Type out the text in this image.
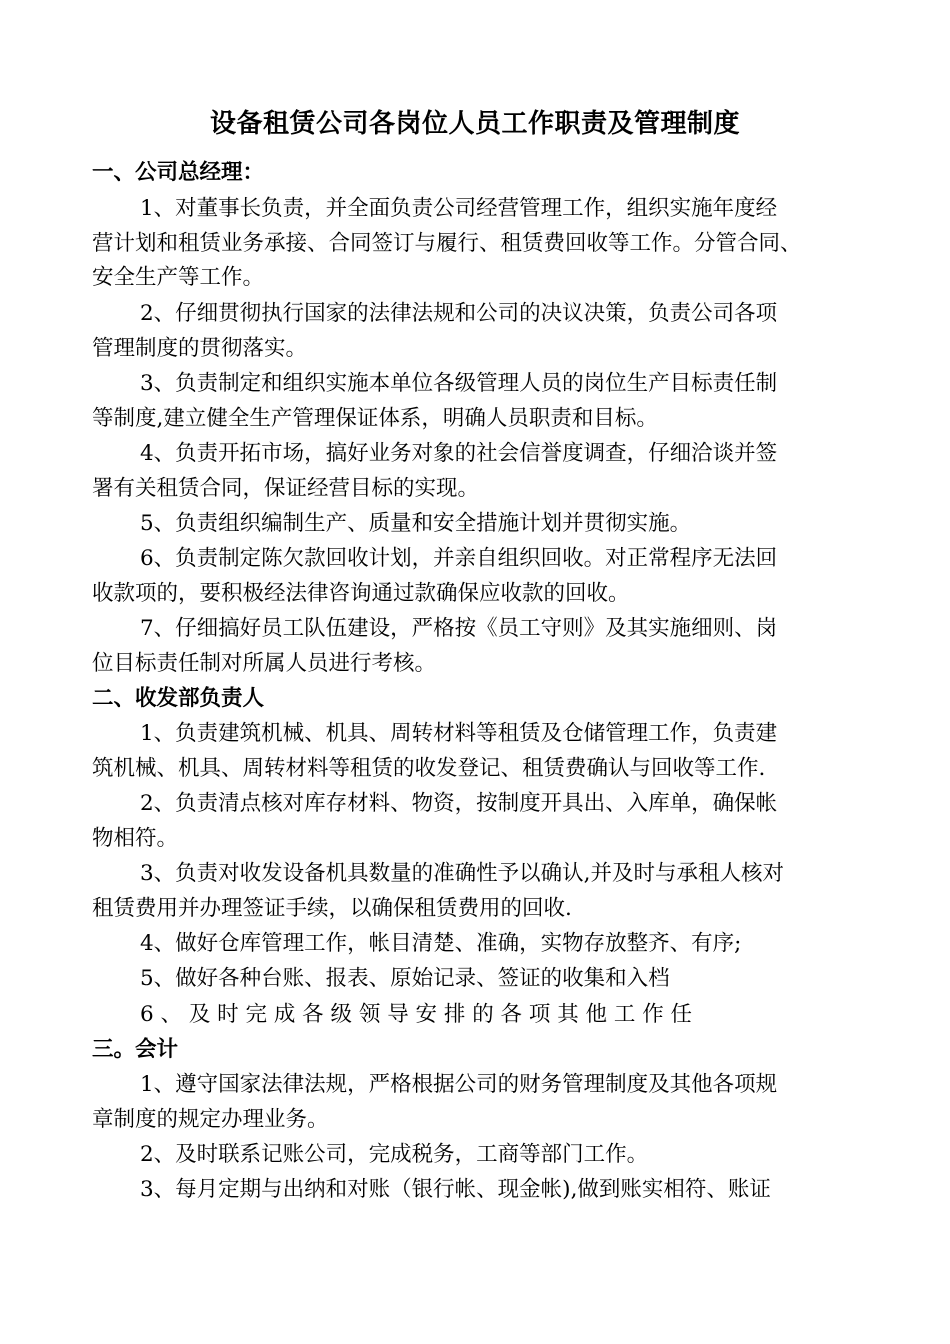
设备租赁公司各岗位人员工作职责及管理制度
一、公司总经理：
1、对董事长负责，并全面负责公司经营管理工作，组织实施年度经
营计划和租赁业务承接、合同签订与履行、租赁费回收等工作。分管合同、
安全生产等工作。
2、仔细贯彻执行国家的法律法规和公司的决议决策，负责公司各项
管理制度的贯彻落实。
3、负责制定和组织实施本单位各级管理人员的岗位生产目标责任制
等制度,建立健全生产管理保证体系，明确人员职责和目标。
4、负责开拓市场，搞好业务对象的社会信誉度调查，仔细洽谈并签
署有关租赁合同，保证经营目标的实现。
5、负责组织编制生产、质量和安全措施计划并贯彻实施。
6、负责制定陈欠款回收计划，并亲自组织回收。对正常程序无法回
收款项的，要积极经法律咨询通过款确保应收款的回收。
7、仔细搞好员工队伍建设，严格按《员工守则》及其实施细则、岗
位目标责任制对所属人员进行考核。
二、收发部负责人
1、负责建筑机械、机具、周转材料等租赁及仓储管理工作，负责建
筑机械、机具、周转材料等租赁的收发登记、租赁费确认与回收等工作.
2、负责清点核对库存材料、物资，按制度开具出、入库单，确保帐
物相符。
3、负责对收发设备机具数量的准确性予以确认,并及时与承租人核对
租赁费用并办理签证手续，以确保租赁费用的回收.
4、做好仓库管理工作，帐目清楚、准确，实物存放整齐、有序;
5、做好各种台账、报表、原始记录、签证的收集和入档
6 、 及 时 完 成 各 级 领 导 安 排 的 各 项 其 他 工 作 任
三。会计
1、遵守国家法律法规，严格根据公司的财务管理制度及其他各项规
章制度的规定办理业务。
2、及时联系记账公司，完成税务，工商等部门工作。
3、每月定期与出纳和对账（银行帐、现金帐),做到账实相符、账证
